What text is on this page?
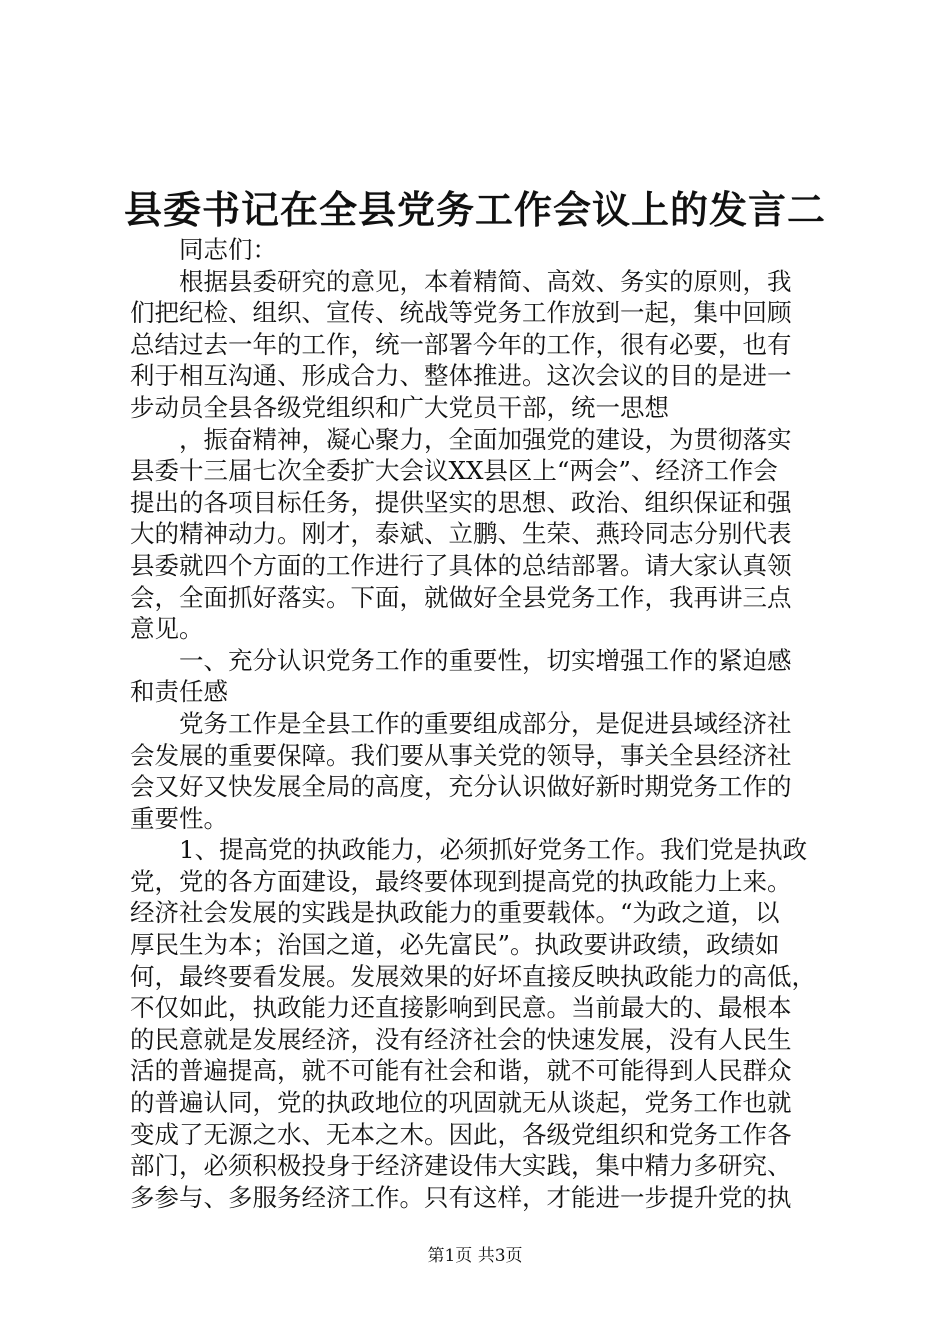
县委书记在全县党务工作会议上的发言二
　　同志们：
　　根据县委研究的意见，本着精简、高效、务实的原则，我
们把纪检、组织、宣传、统战等党务工作放到一起，集中回顾
总结过去一年的工作，统一部署今年的工作，很有必要，也有
利于相互沟通、形成合力、整体推进。这次会议的目的是进一
步动员全县各级党组织和广大党员干部，统一思想
　　，振奋精神，凝心聚力，全面加强党的建设，为贯彻落实
县委十三届七次全委扩大会议XX县区上“两会”、经济工作会
提出的各项目标任务，提供坚实的思想、政治、组织保证和强
大的精神动力。刚才，泰斌、立鹏、生荣、燕玲同志分别代表
县委就四个方面的工作进行了具体的总结部署。请大家认真领
会，全面抓好落实。下面，就做好全县党务工作，我再讲三点
意见。
　　一、充分认识党务工作的重要性，切实增强工作的紧迫感
和责任感
　　党务工作是全县工作的重要组成部分，是促进县域经济社
会发展的重要保障。我们要从事关党的领导，事关全县经济社
会又好又快发展全局的高度，充分认识做好新时期党务工作的
重要性。
　　1、提高党的执政能力，必须抓好党务工作。我们党是执政
党，党的各方面建设，最终要体现到提高党的执政能力上来。
经济社会发展的实践是执政能力的重要载体。“为政之道，以
厚民生为本；治国之道，必先富民”。执政要讲政绩，政绩如
何，最终要看发展。发展效果的好坏直接反映执政能力的高低，
不仅如此，执政能力还直接影响到民意。当前最大的、最根本
的民意就是发展经济，没有经济社会的快速发展，没有人民生
活的普遍提高，就不可能有社会和谐，就不可能得到人民群众
的普遍认同，党的执政地位的巩固就无从谈起，党务工作也就
变成了无源之水、无本之木。因此，各级党组织和党务工作各
部门，必须积极投身于经济建设伟大实践，集中精力多研究、
多参与、多服务经济工作。只有这样，才能进一步提升党的执
第1页 共3页
